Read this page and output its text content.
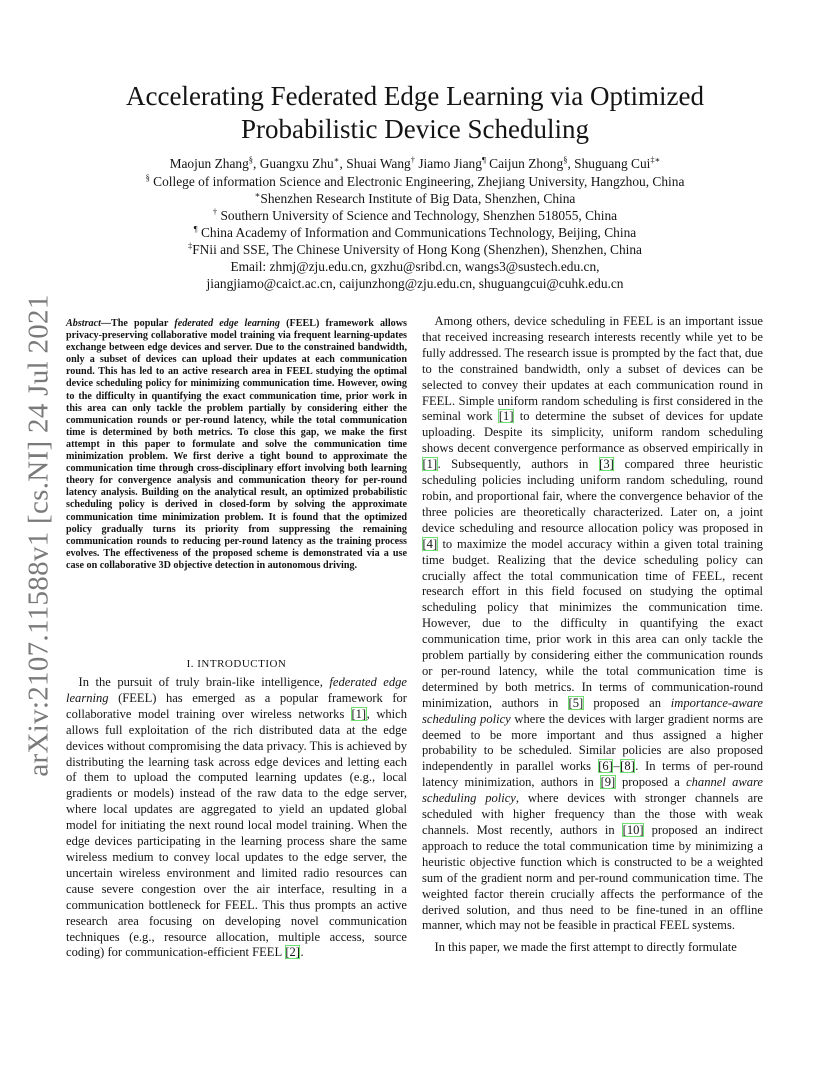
arXiv:2107.11588v1 [cs.NI] 24 Jul 2021
Accelerating Federated Edge Learning via Optimized
Probabilistic Device Scheduling
Maojun Zhang§, Guangxu Zhu∗, Shuai Wang† Jiamo Jiang¶ Caijun Zhong§, Shuguang Cui‡∗
§ College of information Science and Electronic Engineering, Zhejiang University, Hangzhou, China
∗Shenzhen Research Institute of Big Data, Shenzhen, China
† Southern University of Science and Technology, Shenzhen 518055, China
¶ China Academy of Information and Communications Technology, Beijing, China
‡FNii and SSE, The Chinese University of Hong Kong (Shenzhen), Shenzhen, China
Email: zhmj@zju.edu.cn, gxzhu@sribd.cn, wangs3@sustech.edu.cn,
jiangjiamo@caict.ac.cn, caijunzhong@zju.edu.cn, shuguangcui@cuhk.edu.cn
Abstract—The popular federated edge learning (FEEL) framework allows privacy-preserving collaborative model training via frequent learning-updates exchange between edge devices and server. Due to the constrained bandwidth, only a subset of devices can upload their updates at each communication round. This has led to an active research area in FEEL studying the optimal device scheduling policy for minimizing communication time. However, owing to the difficulty in quantifying the exact communication time, prior work in this area can only tackle the problem partially by considering either the communication rounds or per-round latency, while the total communication time is determined by both metrics. To close this gap, we make the first attempt in this paper to formulate and solve the communication time minimization problem. We first derive a tight bound to approximate the communication time through cross-disciplinary effort involving both learning theory for convergence analysis and communication theory for per-round latency analysis. Building on the analytical result, an optimized probabilistic scheduling policy is derived in closed-form by solving the approximate communication time minimization problem. It is found that the optimized policy gradually turns its priority from suppressing the remaining communication rounds to reducing per-round latency as the training process evolves. The effectiveness of the proposed scheme is demonstrated via a use case on collaborative 3D objective detection in autonomous driving.
I. INTRODUCTION

In the pursuit of truly brain-like intelligence, federated edge learning (FEEL) has emerged as a popular framework for collaborative model training over wireless networks [1], which allows full exploitation of the rich distributed data at the edge devices without compromising the data privacy. This is achieved by distributing the learning task across edge devices and letting each of them to upload the computed learning updates (e.g., local gradients or models) instead of the raw data to the edge server, where local updates are aggregated to yield an updated global model for initiating the next round local model training. When the edge devices participating in the learning process share the same wireless medium to convey local updates to the edge server, the uncertain wireless environment and limited radio resources can cause severe congestion over the air interface, resulting in a communication bottleneck for FEEL. This thus prompts an active research area focusing on developing novel communication techniques (e.g., resource allocation, multiple access, source coding) for communication-efficient FEEL [2].

Among others, device scheduling in FEEL is an important issue that received increasing research interests recently while yet to be fully addressed. The research issue is prompted by the fact that, due to the constrained bandwidth, only a subset of devices can be selected to convey their updates at each communication round in FEEL. Simple uniform random scheduling is first considered in the seminal work [1] to determine the subset of devices for update uploading. Despite its simplicity, uniform random scheduling shows decent convergence performance as observed empirically in [1]. Subsequently, authors in [3] compared three heuristic scheduling policies including uniform random scheduling, round robin, and proportional fair, where the convergence behavior of the three policies are theoretically characterized. Later on, a joint device scheduling and resource allocation policy was proposed in [4] to maximize the model accuracy within a given total training time budget. Realizing that the device scheduling policy can crucially affect the total communication time of FEEL, recent research effort in this field focused on studying the optimal scheduling policy that minimizes the communication time. However, due to the difficulty in quantifying the exact communication time, prior work in this area can only tackle the problem partially by considering either the communication rounds or per-round latency, while the total communication time is determined by both metrics. In terms of communication-round minimization, authors in [5] proposed an importance-aware scheduling policy where the devices with larger gradient norms are deemed to be more important and thus assigned a higher probability to be scheduled. Similar policies are also proposed independently in parallel works [6]–[8]. In terms of per-round latency minimization, authors in [9] proposed a channel aware scheduling policy, where devices with stronger channels are scheduled with higher frequency than the those with weak channels. Most recently, authors in [10] proposed an indirect approach to reduce the total communication time by minimizing a heuristic objective function which is constructed to be a weighted sum of the gradient norm and per-round communication time. The weighted factor therein crucially affects the performance of the derived solution, and thus need to be fine-tuned in an offline manner, which may not be feasible in practical FEEL systems.

In this paper, we made the first attempt to directly formulate
